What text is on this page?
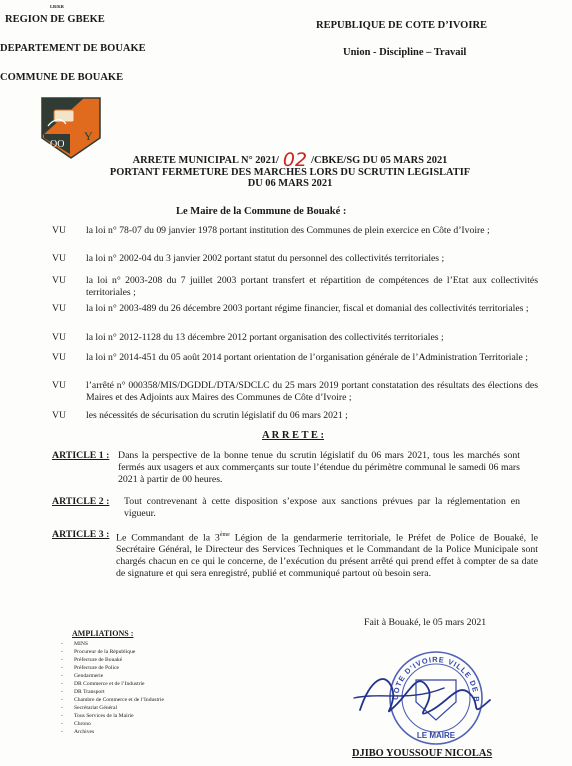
LB/KB
REGION DE GBEKE
DEPARTEMENT DE BOUAKE
COMMUNE DE BOUAKE
REPUBLIQUE DE COTE D’IVOIRE
Union - Discipline – Travail
OO
Y
ARRETE MUNICIPAL N° 2021/ 02 /CBKE/SG DU 05 MARS 2021
PORTANT FERMETURE DES MARCHES LORS DU SCRUTIN LEGISLATIF
DU 06 MARS 2021
Le Maire de la Commune de Bouaké :
VU la loi n° 78-07 du 09 janvier 1978 portant institution des Communes de plein exercice en Côte d’Ivoire ;
VU la loi n° 2002-04 du 3 janvier 2002 portant statut du personnel des collectivités territoriales ;
VU la loi n° 2003-208 du 7 juillet 2003 portant transfert et répartition de compétences de l’Etat aux collectivités territoriales ;
VU la loi n° 2003-489 du 26 décembre 2003 portant régime financier, fiscal et domanial des collectivités territoriales ;
VU la loi n° 2012-1128 du 13 décembre 2012 portant organisation des collectivités territoriales ;
VU la loi n° 2014-451 du 05 août 2014 portant orientation de l’organisation générale de l’Administration Territoriale ;
VU l’arrêté n° 000358/MIS/DGDDL/DTA/SDCLC du 25 mars 2019 portant constatation des résultats des élections des Maires et des Adjoints aux Maires des Communes de Côte d’Ivoire ;
VU les nécessités de sécurisation du scrutin législatif du 06 mars 2021 ;
A R R E T E :
ARTICLE 1 : Dans la perspective de la bonne tenue du scrutin législatif du 06 mars 2021, tous les marchés sont fermés aux usagers et aux commerçants sur toute l’étendue du périmètre communal le samedi 06 mars 2021 à partir de 00 heures.
ARTICLE 2 : Tout contrevenant à cette disposition s’expose aux sanctions prévues par la réglementation en vigueur.
ARTICLE 3 : Le Commandant de la 3ème Légion de la gendarmerie territoriale, le Préfet de Police de Bouaké, le Secrétaire Général, le Directeur des Services Techniques et le Commandant de la Police Municipale sont chargés chacun en ce qui le concerne, de l’exécution du présent arrêté qui prend effet à compter de sa date de signature et qui sera enregistré, publié et communiqué partout où besoin sera.
Fait à Bouaké, le 05 mars 2021
AMPLIATIONS :
- MINS
- Procureur de la République
- Préfecture de Bouaké
- Préfecture de Police
- Gendarmerie
- DR Commerce et de l’Industrie
- DR Transport
- Chambre de Commerce et de l’Industrie
- Secrétariat Général
- Tous Services de la Mairie
- Chrono
- Archives
COTE D’IVOIRE VILLE DE B
LE MAIRE
DJIBO YOUSSOUF NICOLAS
